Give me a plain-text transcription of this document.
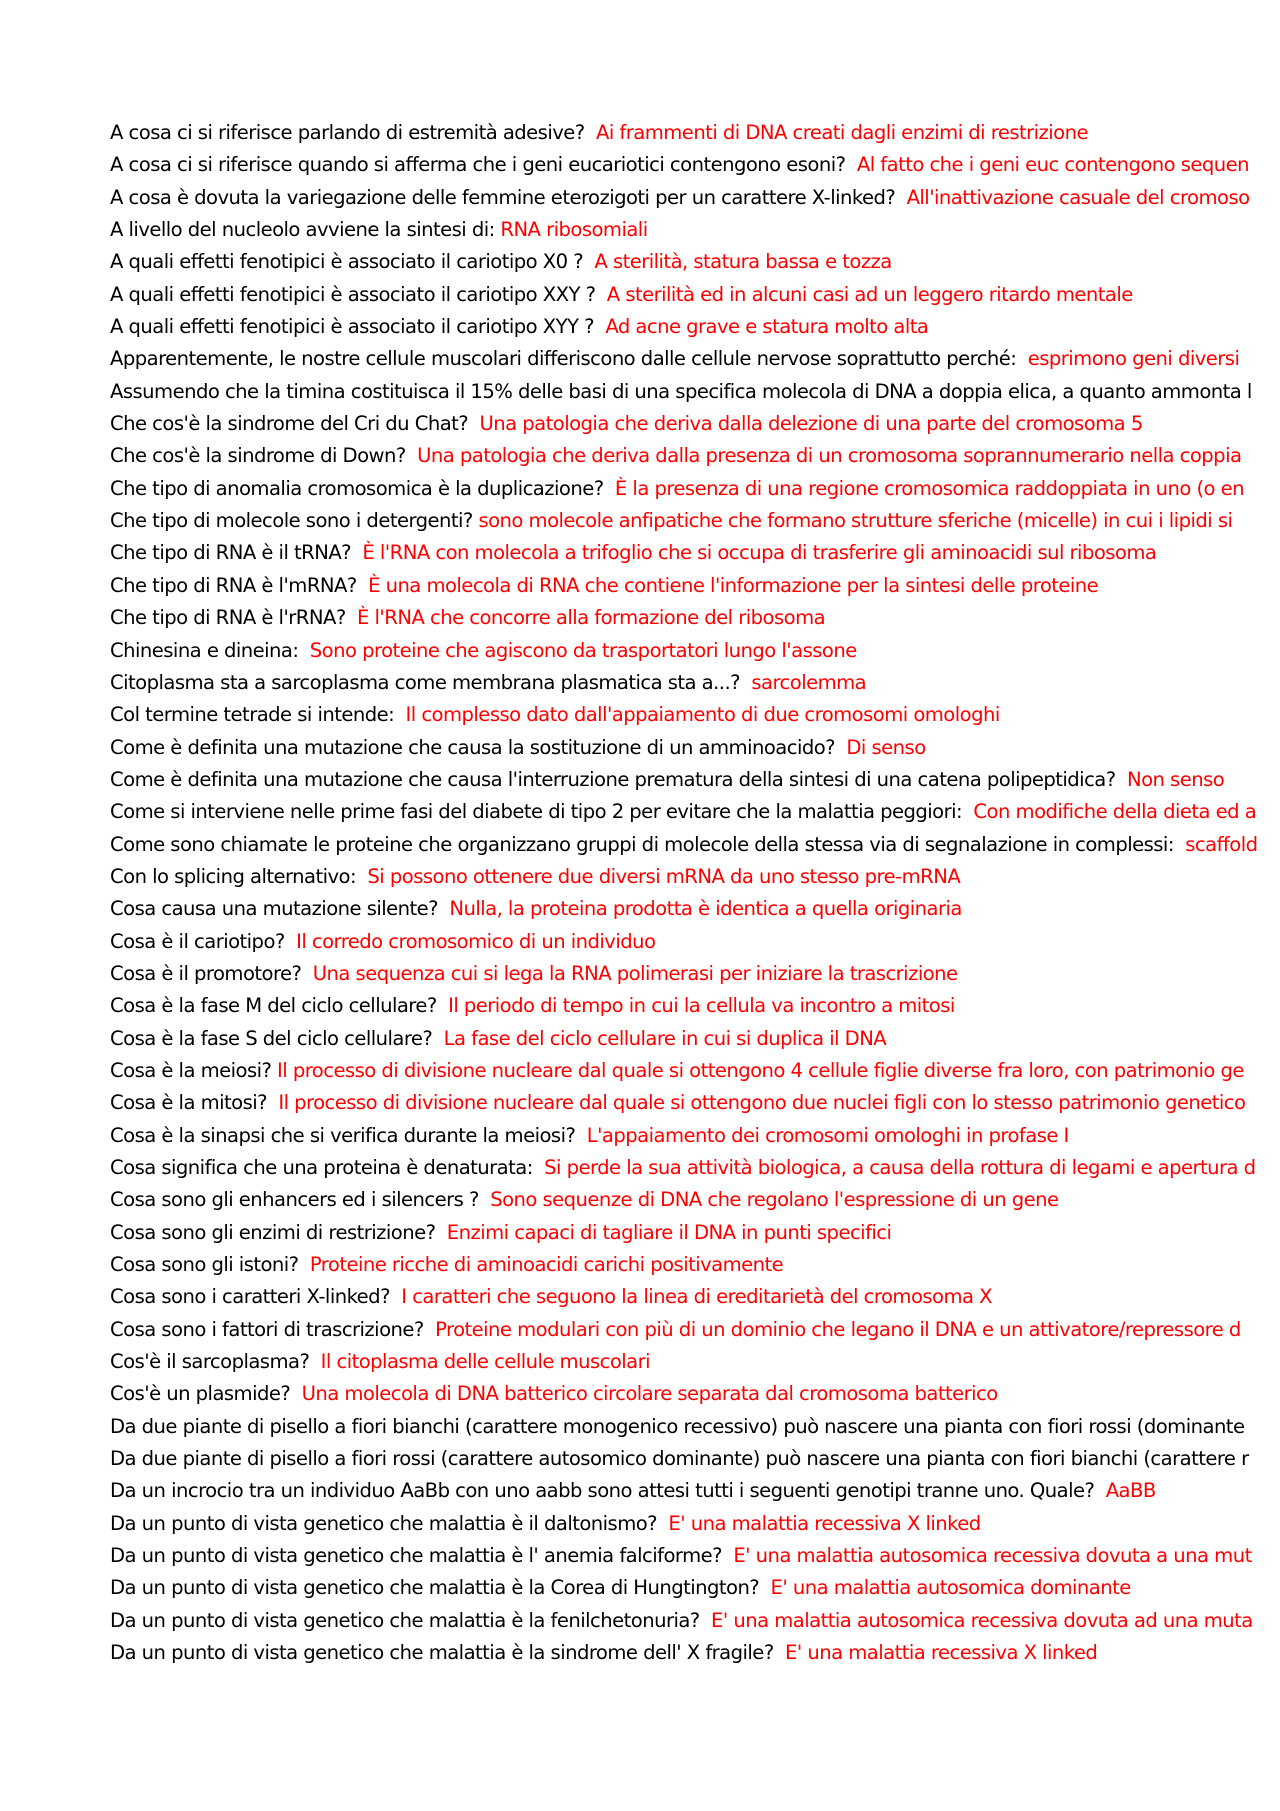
A cosa ci si riferisce parlando di estremità adesive? Ai frammenti di DNA creati dagli enzimi di restrizione
A cosa ci si riferisce quando si afferma che i geni eucariotici contengono esoni? Al fatto che i geni euc contengono sequen
A cosa è dovuta la variegazione delle femmine eterozigoti per un carattere X-linked? All'inattivazione casuale del cromoso
A livello del nucleolo avviene la sintesi di: RNA ribosomiali
A quali effetti fenotipici è associato il cariotipo X0 ? A sterilità, statura bassa e tozza
A quali effetti fenotipici è associato il cariotipo XXY ? A sterilità ed in alcuni casi ad un leggero ritardo mentale
A quali effetti fenotipici è associato il cariotipo XYY ? Ad acne grave e statura molto alta
Apparentemente, le nostre cellule muscolari differiscono dalle cellule nervose soprattutto perché: esprimono geni diversi
Assumendo che la timina costituisca il 15% delle basi di una specifica molecola di DNA a doppia elica, a quanto ammonta l
Che cos'è la sindrome del Cri du Chat? Una patologia che deriva dalla delezione di una parte del cromosoma 5
Che cos'è la sindrome di Down? Una patologia che deriva dalla presenza di un cromosoma soprannumerario nella coppia
Che tipo di anomalia cromosomica è la duplicazione? È la presenza di una regione cromosomica raddoppiata in uno (o en
Che tipo di molecole sono i detergenti? sono molecole anfipatiche che formano strutture sferiche (micelle) in cui i lipidi si
Che tipo di RNA è il tRNA? È l'RNA con molecola a trifoglio che si occupa di trasferire gli aminoacidi sul ribosoma
Che tipo di RNA è l'mRNA? È una molecola di RNA che contiene l'informazione per la sintesi delle proteine
Che tipo di RNA è l'rRNA? È l'RNA che concorre alla formazione del ribosoma
Chinesina e dineina: Sono proteine che agiscono da trasportatori lungo l'assone
Citoplasma sta a sarcoplasma come membrana plasmatica sta a...? sarcolemma
Col termine tetrade si intende: Il complesso dato dall'appaiamento di due cromosomi omologhi
Come è definita una mutazione che causa la sostituzione di un amminoacido? Di senso
Come è definita una mutazione che causa l'interruzione prematura della sintesi di una catena polipeptidica? Non senso
Come si interviene nelle prime fasi del diabete di tipo 2 per evitare che la malattia peggiori: Con modifiche della dieta ed a
Come sono chiamate le proteine che organizzano gruppi di molecole della stessa via di segnalazione in complessi: scaffold
Con lo splicing alternativo: Si possono ottenere due diversi mRNA da uno stesso pre-mRNA
Cosa causa una mutazione silente? Nulla, la proteina prodotta è identica a quella originaria
Cosa è il cariotipo? Il corredo cromosomico di un individuo
Cosa è il promotore? Una sequenza cui si lega la RNA polimerasi per iniziare la trascrizione
Cosa è la fase M del ciclo cellulare? Il periodo di tempo in cui la cellula va incontro a mitosi
Cosa è la fase S del ciclo cellulare? La fase del ciclo cellulare in cui si duplica il DNA
Cosa è la meiosi? Il processo di divisione nucleare dal quale si ottengono 4 cellule figlie diverse fra loro, con patrimonio ge
Cosa è la mitosi? Il processo di divisione nucleare dal quale si ottengono due nuclei figli con lo stesso patrimonio genetico
Cosa è la sinapsi che si verifica durante la meiosi? L'appaiamento dei cromosomi omologhi in profase I
Cosa significa che una proteina è denaturata: Si perde la sua attività biologica, a causa della rottura di legami e apertura d
Cosa sono gli enhancers ed i silencers ? Sono sequenze di DNA che regolano l'espressione di un gene
Cosa sono gli enzimi di restrizione? Enzimi capaci di tagliare il DNA in punti specifici
Cosa sono gli istoni? Proteine ricche di aminoacidi carichi positivamente
Cosa sono i caratteri X-linked? I caratteri che seguono la linea di ereditarietà del cromosoma X
Cosa sono i fattori di trascrizione? Proteine modulari con più di un dominio che legano il DNA e un attivatore/repressore d
Cos'è il sarcoplasma? Il citoplasma delle cellule muscolari
Cos'è un plasmide? Una molecola di DNA batterico circolare separata dal cromosoma batterico
Da due piante di pisello a fiori bianchi (carattere monogenico recessivo) può nascere una pianta con fiori rossi (dominante
Da due piante di pisello a fiori rossi (carattere autosomico dominante) può nascere una pianta con fiori bianchi (carattere r
Da un incrocio tra un individuo AaBb con uno aabb sono attesi tutti i seguenti genotipi tranne uno. Quale? AaBB
Da un punto di vista genetico che malattia è il daltonismo? E' una malattia recessiva X linked
Da un punto di vista genetico che malattia è l' anemia falciforme? E' una malattia autosomica recessiva dovuta a una mut
Da un punto di vista genetico che malattia è la Corea di Hungtington? E' una malattia autosomica dominante
Da un punto di vista genetico che malattia è la fenilchetonuria? E' una malattia autosomica recessiva dovuta ad una muta
Da un punto di vista genetico che malattia è la sindrome dell' X fragile? E' una malattia recessiva X linked
